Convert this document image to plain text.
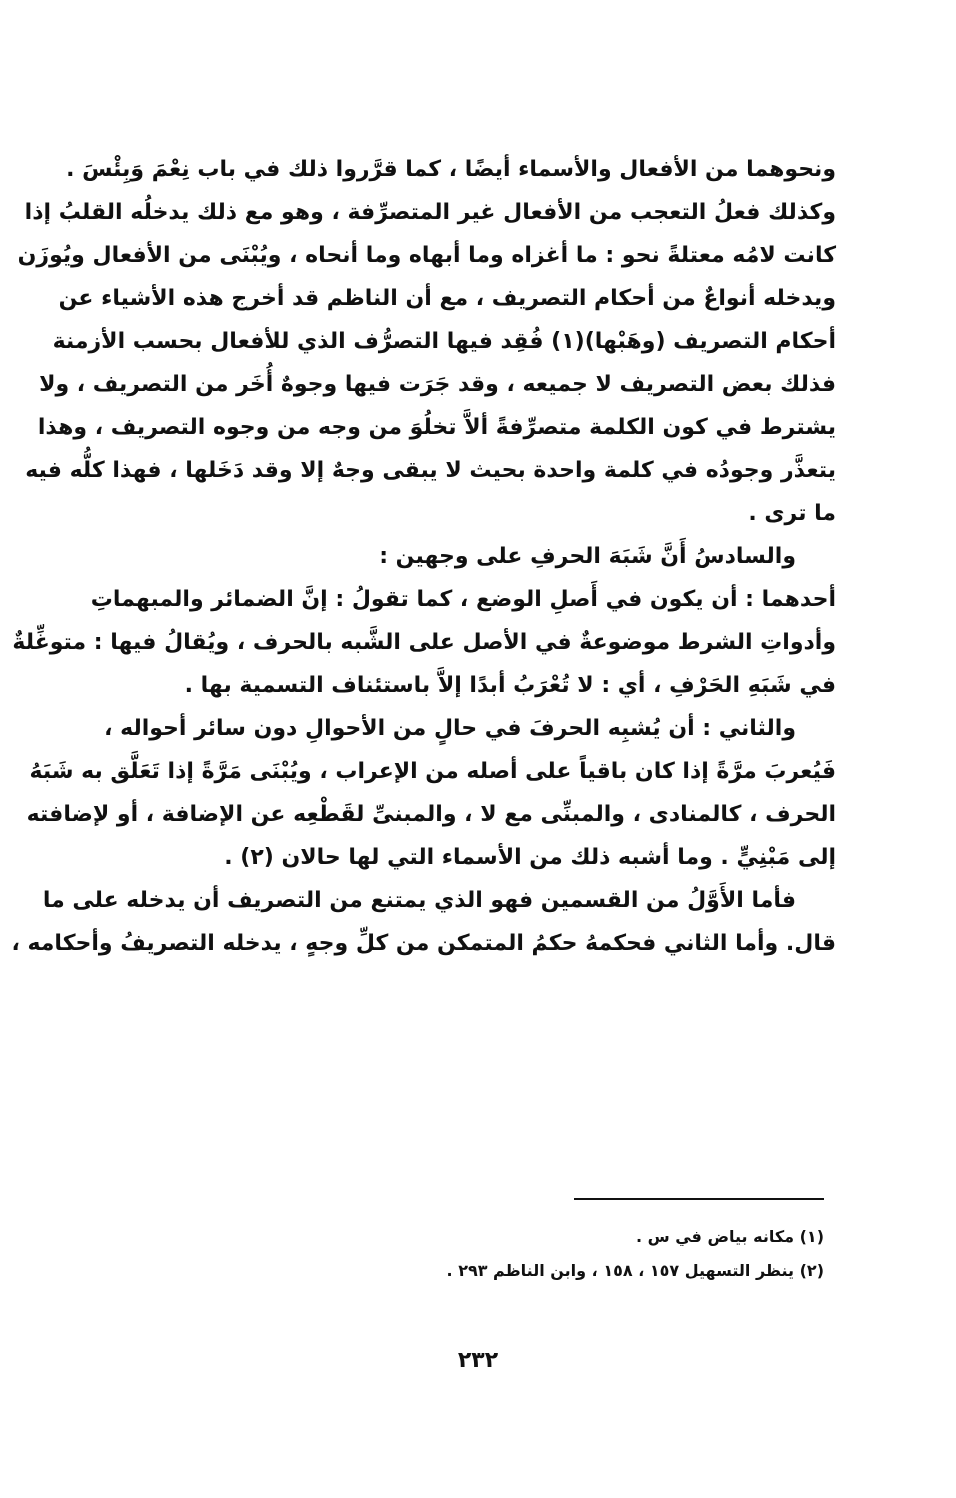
ونحوهما من الأفعال والأسماء أيضًا ، كما قرَّروا ذلك في باب نِعْمَ وَبِئْسَ .
وكذلك فعلُ التعجب من الأفعال غير المتصرِّفة ، وهو مع ذلك يدخلُه القلبُ إذا
كانت لامُه معتلةً نحو : ما أغزاه وما أبهاه وما أنحاه ، ويُبْنَى من الأفعال ويُوزَن
ويدخله أنواعٌ من أحكام التصريف ، مع أن الناظم قد أخرج هذه الأشياء عن
أحكام التصريف (وهَبْها)(١) فُقِد فيها التصرُّف الذي للأفعال بحسب الأزمنة
فذلك بعض التصريف لا جميعه ، وقد جَرَت فيها وجوهٌ أُخَر من التصريف ، ولا
يشترط في كون الكلمة متصرِّفةً ألاَّ تخلُوَ من وجه من وجوه التصريف ، وهذا
يتعذَّر وجودُه في كلمة واحدة بحيث لا يبقى وجهٌ إلا وقد دَخَلها ، فهذا كلُّه فيه
ما ترى .
والسادسُ أَنَّ شَبَهَ الحرفِ على وجهين :
أحدهما : أن يكون في أَصلِ الوضع ، كما تقولُ : إنَّ الضمائر والمبهماتِ
وأدواتِ الشرط موضوعةٌ في الأصل على الشَّبه بالحرف ، ويُقالُ فيها : متوغِّلةٌ
في شَبَهِ الحَرْفِ ، أي : لا تُعْرَبُ أبدًا إلاَّ باستئناف التسمية بها .
والثاني : أن يُشبِه الحرفَ في حالٍ من الأحوالِ دون سائر أحواله ،
فَيُعربَ مرَّةً إذا كان باقياً على أصله من الإعراب ، ويُبْنَى مَرَّةً إذا تَعَلَّق به شَبَهُ
الحرف ، كالمنادى ، والمبنِّى مع لا ، والمبنىِّ لقَطْعِه عن الإضافة ، أو لإضافته
إلى مَبْنِيٍّ . وما أشبه ذلك من الأسماء التي لها حالان (٢) .
فأما الأَوَّلُ من القسمين فهو الذي يمتنع من التصريف أن يدخله على ما
قال. وأما الثاني فحكمهُ حكمُ المتمكن من كلِّ وجهٍ ، يدخله التصريفُ وأحكامه ،
(١) مكانه بياض في س .
(٢) ينظر التسهيل ١٥٧ ، ١٥٨ ، وابن الناظم ٢٩٣ .
٢٣٢
